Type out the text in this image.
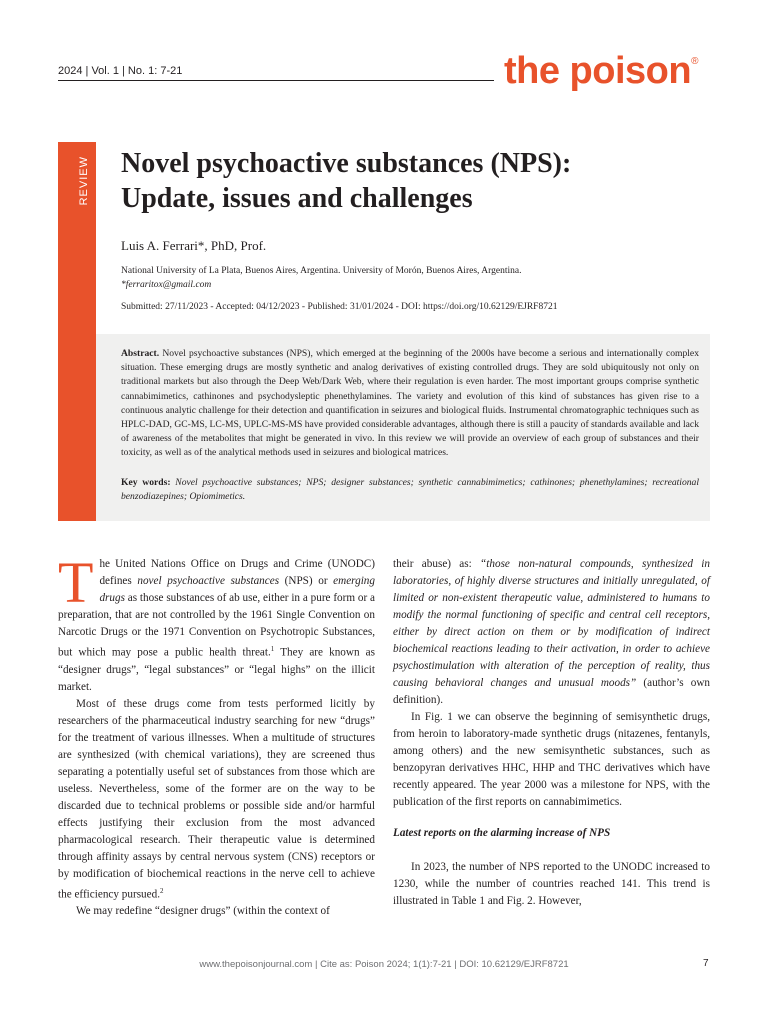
2024 | Vol. 1 | No. 1: 7-21	the poison®
REVIEW Novel psychoactive substances (NPS):
Update, issues and challenges
Luis A. Ferrari*, PhD, Prof.
National University of La Plata, Buenos Aires, Argentina. University of Morón, Buenos Aires, Argentina.
*ferraritox@gmail.com
Submitted: 27/11/2023 - Accepted: 04/12/2023 - Published: 31/01/2024 - DOI: https://doi.org/10.62129/EJRF8721

Abstract. Novel psychoactive substances (NPS), which emerged at the beginning of the 2000s have become a serious and internationally complex situation. These emerging drugs are mostly synthetic and analog derivatives of existing controlled drugs. They are sold ubiquitously not only on traditional markets but also through the Deep Web/Dark Web, where their regulation is even harder. The most important groups comprise synthetic cannabimimetics, cathinones and psychodysleptic phenethylamines. The variety and evolution of this kind of substances has given rise to a continuous analytic challenge for their detection and quantification in seizures and biological fluids. Instrumental chromatographic techniques such as HPLC-DAD, GC-MS, LC-MS, UPLC-MS-MS have provided considerable advantages, although there is still a paucity of standards available and lack of awareness of the metabolites that might be generated in vivo. In this review we will provide an overview of each group of substances and their toxicity, as well as of the analytical methods used in seizures and biological matrices.

Key words: Novel psychoactive substances; NPS; designer substances; synthetic cannabimimetics; cathinones; phenethylamines; recreational benzodiazepines; Opiomimetics.

The United Nations Office on Drugs and Crime (UNODC) defines novel psychoactive substances (NPS) or emerging drugs as those substances of ab use, either in a pure form or a preparation, that are not controlled by the 1961 Single Convention on Narcotic Drugs or the 1971 Convention on Psychotropic Substances, but which may pose a public health threat.$^1$ They are known as “designer drugs”, “legal substances” or “legal highs” on the illicit market.

Most of these drugs come from tests performed licitly by researchers of the pharmaceutical industry searching for new “drugs” for the treatment of various illnesses. When a multitude of structures are synthesized (with chemical variations), they are screened thus separating a potentially useful set of substances from those which are useless. Nevertheless, some of the former are on the way to be discarded due to technical problems or possible side and/or harmful effects justifying their exclusion from the most advanced pharmacological research. Their therapeutic value is determined through affinity assays by central nervous system (CNS) receptors or by modification of biochemical reactions in the nerve cell to achieve the efficiency pursued.$^2$

We may redefine “designer drugs” (within the context of

their abuse) as: “those non-natural compounds, synthesized in laboratories, of highly diverse structures and initially unregulated, of limited or non-existent therapeutic value, administered to humans to modify the normal functioning of specific and central cell receptors, either by direct action on them or by modification of indirect biochemical reactions leading to their activation, in order to achieve psychostimulation with alteration of the perception of reality, thus causing behavioral changes and unusual moods” (author’s own definition).

In Fig. 1 we can observe the beginning of semisynthetic drugs, from heroin to laboratory-made synthetic drugs (nitazenes, fentanyls, among others) and the new semisynthetic substances, such as benzopyran derivatives HHC, HHP and THC derivatives which have recently appeared. The year 2000 was a milestone for NPS, with the publication of the first reports on cannabimimetics.

Latest reports on the alarming increase of NPS

In 2023, the number of NPS reported to the UNODC increased to 1230, while the number of countries reached 141. This trend is illustrated in Table 1 and Fig. 2. However,

www.thepoisonjournal.com | Cite as: Poison 2024; 1(1):7-21 | DOI: 10.62129/EJRF8721	7
